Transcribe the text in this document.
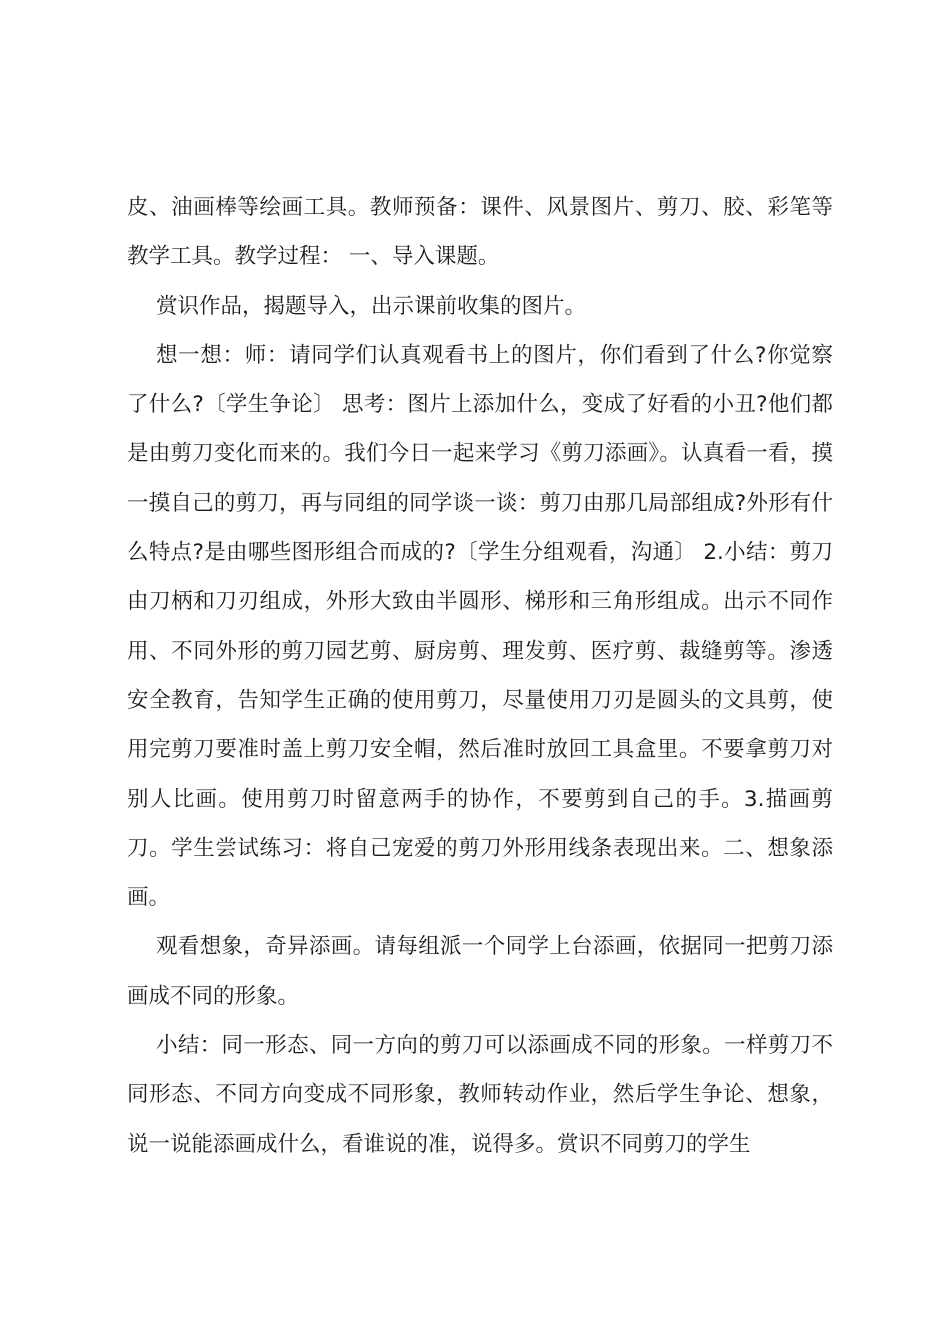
皮、油画棒等绘画工具。教师预备：课件、风景图片、剪刀、胶、彩笔等教学工具。教学过程： 一、导入课题。

赏识作品，揭题导入，出示课前收集的图片。

想一想：师：请同学们认真观看书上的图片，你们看到了什么?你觉察了什么?〔学生争论〕 思考：图片上添加什么，变成了好看的小丑?他们都是由剪刀变化而来的。我们今日一起来学习《剪刀添画》。认真看一看，摸一摸自己的剪刀，再与同组的同学谈一谈：剪刀由那几局部组成?外形有什么特点?是由哪些图形组合而成的?〔学生分组观看，沟通〕 2.小结：剪刀由刀柄和刀刃组成，外形大致由半圆形、梯形和三角形组成。出示不同作用、不同外形的剪刀园艺剪、厨房剪、理发剪、医疗剪、裁缝剪等。渗透安全教育，告知学生正确的使用剪刀，尽量使用刀刃是圆头的文具剪，使用完剪刀要准时盖上剪刀安全帽，然后准时放回工具盒里。不要拿剪刀对别人比画。使用剪刀时留意两手的协作，不要剪到自己的手。3.描画剪刀。学生尝试练习：将自己宠爱的剪刀外形用线条表现出来。二、想象添画。

观看想象，奇异添画。请每组派一个同学上台添画，依据同一把剪刀添画成不同的形象。

小结：同一形态、同一方向的剪刀可以添画成不同的形象。一样剪刀不同形态、不同方向变成不同形象，教师转动作业，然后学生争论、想象，说一说能添画成什么，看谁说的准，说得多。赏识不同剪刀的学生
